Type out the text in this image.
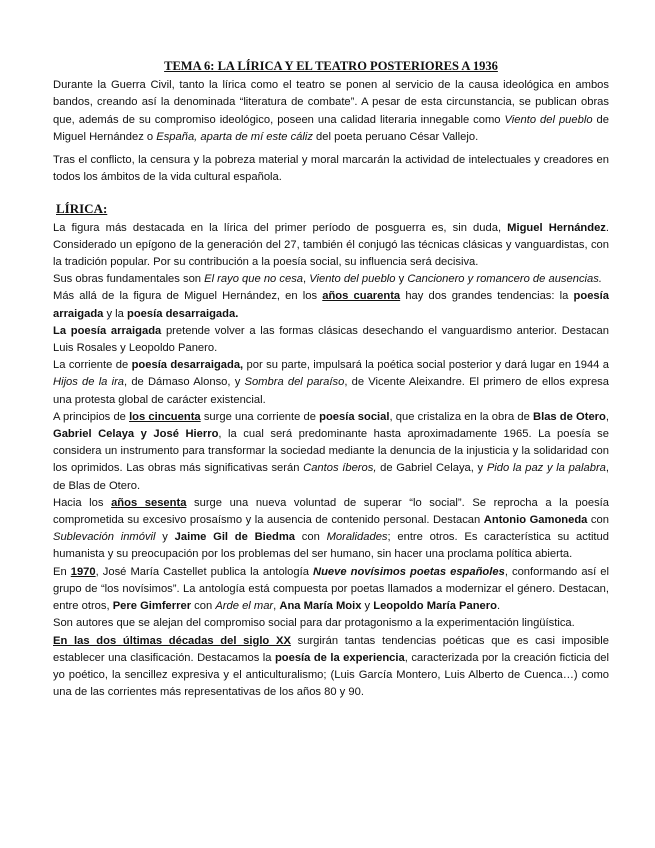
TEMA 6: LA LÍRICA Y EL TEATRO POSTERIORES A 1936

Durante la Guerra Civil, tanto la lírica como el teatro se ponen al servicio de la causa ideológica en ambos bandos, creando así la denominada “literatura de combate”. A pesar de esta circunstancia, se publican obras que, además de su compromiso ideológico, poseen una calidad literaria innegable como Viento del pueblo de Miguel Hernández o España, aparta de mí este cáliz del poeta peruano César Vallejo.

Tras el conflicto, la censura y la pobreza material y moral marcarán la actividad de intelectuales y creadores en todos los ámbitos de la vida cultural española.

LÍRICA:

La figura más destacada en la lírica del primer período de posguerra es, sin duda, Miguel Hernández. Considerado un epígono de la generación del 27, también él conjugó las técnicas clásicas y vanguardistas, con la tradición popular. Por su contribución a la poesía social, su influencia será decisiva.

Sus obras fundamentales son El rayo que no cesa, Viento del pueblo y Cancionero y romancero de ausencias.

Más allá de la figura de Miguel Hernández, en los años cuarenta hay dos grandes tendencias: la poesía arraigada y la poesía desarraigada.

La poesía arraigada pretende volver a las formas clásicas desechando el vanguardismo anterior. Destacan Luis Rosales y Leopoldo Panero.

La corriente de poesía desarraigada, por su parte, impulsará la poética social posterior y dará lugar en 1944 a Hijos de la ira, de Dámaso Alonso, y Sombra del paraíso, de Vicente Aleixandre. El primero de ellos expresa una protesta global de carácter existencial.

A principios de los cincuenta surge una corriente de poesía social, que cristaliza en la obra de Blas de Otero, Gabriel Celaya y José Hierro, la cual será predominante hasta aproximadamente 1965. La poesía se considera un instrumento para transformar la sociedad mediante la denuncia de la injusticia y la solidaridad con los oprimidos. Las obras más significativas serán Cantos íberos, de Gabriel Celaya, y Pido la paz y la palabra, de Blas de Otero.

Hacia los años sesenta surge una nueva voluntad de superar “lo social”. Se reprocha a la poesía comprometida su excesivo prosaísmo y la ausencia de contenido personal. Destacan Antonio Gamoneda con Sublevación inmóvil y Jaime Gil de Biedma con Moralidades; entre otros. Es característica su actitud humanista y su preocupación por los problemas del ser humano, sin hacer una proclama política abierta.

En 1970, José María Castellet publica la antología Nueve novísimos poetas españoles, conformando así el grupo de “los novísimos”. La antología está compuesta por poetas llamados a modernizar el género. Destacan, entre otros, Pere Gimferrer con Arde el mar, Ana María Moix y Leopoldo María Panero.

Son autores que se alejan del compromiso social para dar protagonismo a la experimentación lingüística.

En las dos últimas décadas del siglo XX surgirán tantas tendencias poéticas que es casi imposible establecer una clasificación. Destacamos la poesía de la experiencia, caracterizada por la creación ficticia del yo poético, la sencillez expresiva y el anticulturalismo; (Luis García Montero, Luis Alberto de Cuenca…) como una de las corrientes más representativas de los años 80 y 90.
